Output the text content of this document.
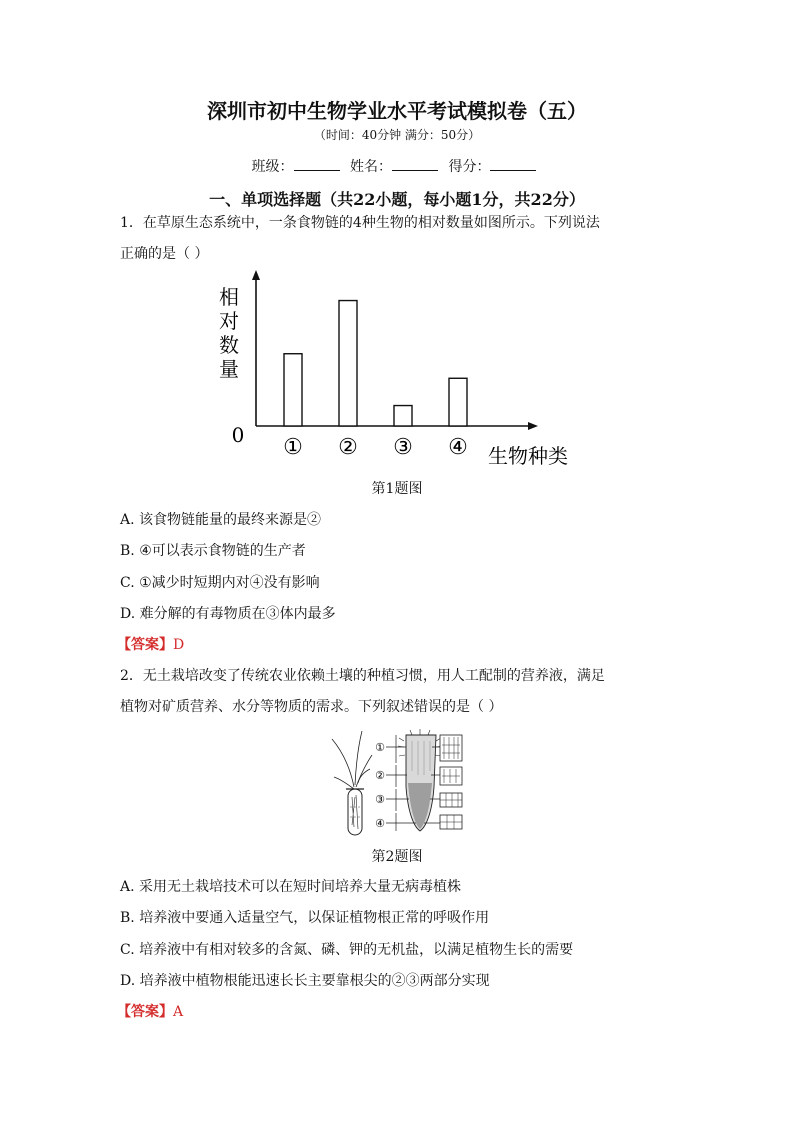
深圳市初中生物学业水平考试模拟卷（五）
（时间：40分钟 满分：50分）
班级：	姓名：	得分：
一、单项选择题（共22小题，每小题1分，共22分）
1．在草原生态系统中，一条食物链的4种生物的相对数量如图所示。下列说法
正确的是（ ）
相对数量
0 ① ② ③ ④ 生物种类
第1题图
A. 该食物链能量的最终来源是②
B. ④可以表示食物链的生产者
C. ①减少时短期内对④没有影响
D. 难分解的有毒物质在③体内最多
【答案】D
2．无土栽培改变了传统农业依赖土壤的种植习惯，用人工配制的营养液，满足
植物对矿质营养、水分等物质的需求。下列叙述错误的是（ ）
①
②
③
④
第2题图
A. 采用无土栽培技术可以在短时间培养大量无病毒植株
B. 培养液中要通入适量空气，以保证植物根正常的呼吸作用
C. 培养液中有相对较多的含氮、磷、钾的无机盐，以满足植物生长的需要
D. 培养液中植物根能迅速长长主要靠根尖的②③两部分实现
【答案】A
